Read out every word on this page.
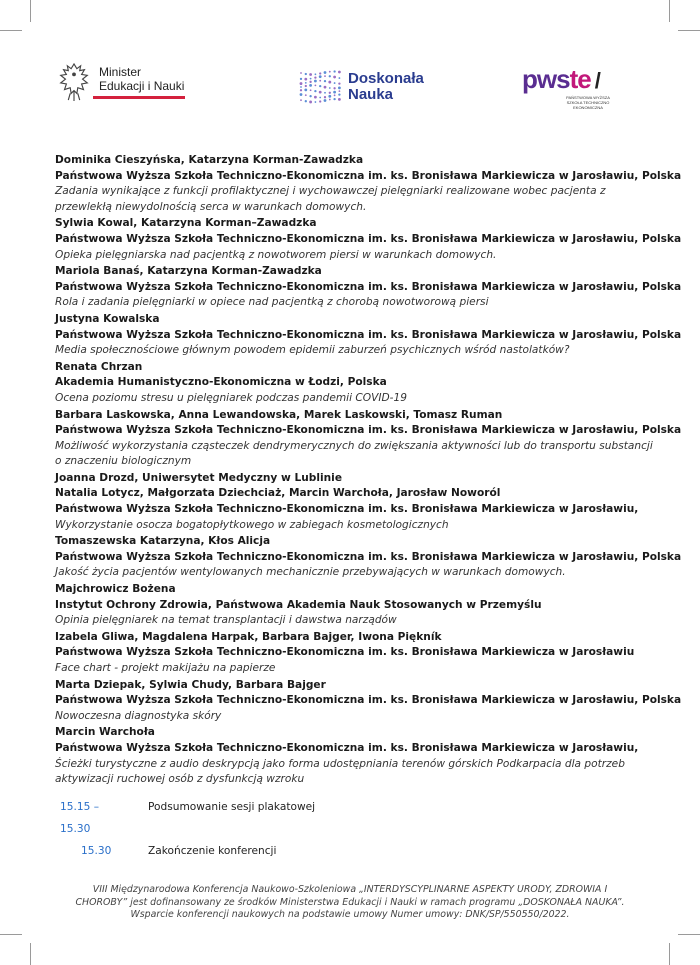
Minister
Edukacji i Nauki	Doskonała
Nauka
pwste /
PAŃSTWOWA WYŻSZA SZKOŁA TECHNICZNO EKONOMICZNA
Dominika Cieszyńska, Katarzyna Korman-Zawadzka
Państwowa Wyższa Szkoła Techniczno-Ekonomiczna im. ks. Bronisława Markiewicza w Jarosławiu, Polska
Zadania wynikające z funkcji profilaktycznej i wychowawczej pielęgniarki realizowane wobec pacjenta z przewlekłą niewydolnością serca w warunkach domowych.
Sylwia Kowal, Katarzyna Korman–Zawadzka
Państwowa Wyższa Szkoła Techniczno-Ekonomiczna im. ks. Bronisława Markiewicza w Jarosławiu, Polska
Opieka pielęgniarska nad pacjentką z nowotworem piersi w warunkach domowych.
Mariola Banaś, Katarzyna Korman-Zawadzka
Państwowa Wyższa Szkoła Techniczno-Ekonomiczna im. ks. Bronisława Markiewicza w Jarosławiu, Polska
Rola i zadania pielęgniarki w opiece nad pacjentką z chorobą nowotworową piersi
Justyna Kowalska
Państwowa Wyższa Szkoła Techniczno-Ekonomiczna im. ks. Bronisława Markiewicza w Jarosławiu, Polska
Media społecznościowe głównym powodem epidemii zaburzeń psychicznych wśród nastolatków?
Renata Chrzan
Akademia Humanistyczno-Ekonomiczna w Łodzi, Polska
Ocena poziomu stresu u pielęgniarek podczas pandemii COVID-19
Barbara Laskowska, Anna Lewandowska, Marek Laskowski, Tomasz Ruman
Państwowa Wyższa Szkoła Techniczno-Ekonomiczna im. ks. Bronisława Markiewicza w Jarosławiu, Polska
Możliwość wykorzystania cząsteczek dendrymerycznych do zwiększania aktywności lub do transportu substancji o znaczeniu biologicznym
Joanna Drozd, Uniwersytet Medyczny w Lublinie
Natalia Lotycz, Małgorzata Dziechciaż, Marcin Warchoła, Jarosław Noworól
Państwowa Wyższa Szkoła Techniczno-Ekonomiczna im. ks. Bronisława Markiewicza w Jarosławiu,
Wykorzystanie osocza bogatopłytkowego w zabiegach kosmetologicznych
Tomaszewska Katarzyna, Kłos Alicja
Państwowa Wyższa Szkoła Techniczno-Ekonomiczna im. ks. Bronisława Markiewicza w Jarosławiu, Polska
Jakość życia pacjentów wentylowanych mechanicznie przebywających w warunkach domowych.
Majchrowicz Bożena
Instytut Ochrony Zdrowia, Państwowa Akademia Nauk Stosowanych w Przemyślu
Opinia pielęgniarek na temat transplantacji i dawstwa narządów
Izabela Gliwa, Magdalena Harpak, Barbara Bajger, Iwona Piękník
Państwowa Wyższa Szkoła Techniczno-Ekonomiczna im. ks. Bronisława Markiewicza w Jarosławiu
Face chart - projekt makijażu na papierze
Marta Dziepak, Sylwia Chudy, Barbara Bajger
Państwowa Wyższa Szkoła Techniczno-Ekonomiczna im. ks. Bronisława Markiewicza w Jarosławiu, Polska
Nowoczesna diagnostyka skóry
Marcin Warchoła
Państwowa Wyższa Szkoła Techniczno-Ekonomiczna im. ks. Bronisława Markiewicza w Jarosławiu,
Ścieżki turystyczne z audio deskrypcją jako forma udostępniania terenów górskich Podkarpacia dla potrzeb aktywizacji ruchowej osób z dysfunkcją wzroku
15.15 – 15.30
Podsumowanie sesji plakatowej
15.30	Zakończenie konferencji
VIII Międzynarodowa Konferencja Naukowo-Szkoleniowa „INTERDYSCYPLINARNE ASPEKTY URODY, ZDROWIA I CHOROBY” jest dofinansowany ze środków Ministerstwa Edukacji i Nauki w ramach programu „DOSKONAŁA NAUKA”. Wsparcie konferencji naukowych na podstawie umowy Numer umowy: DNK/SP/550550/2022.
